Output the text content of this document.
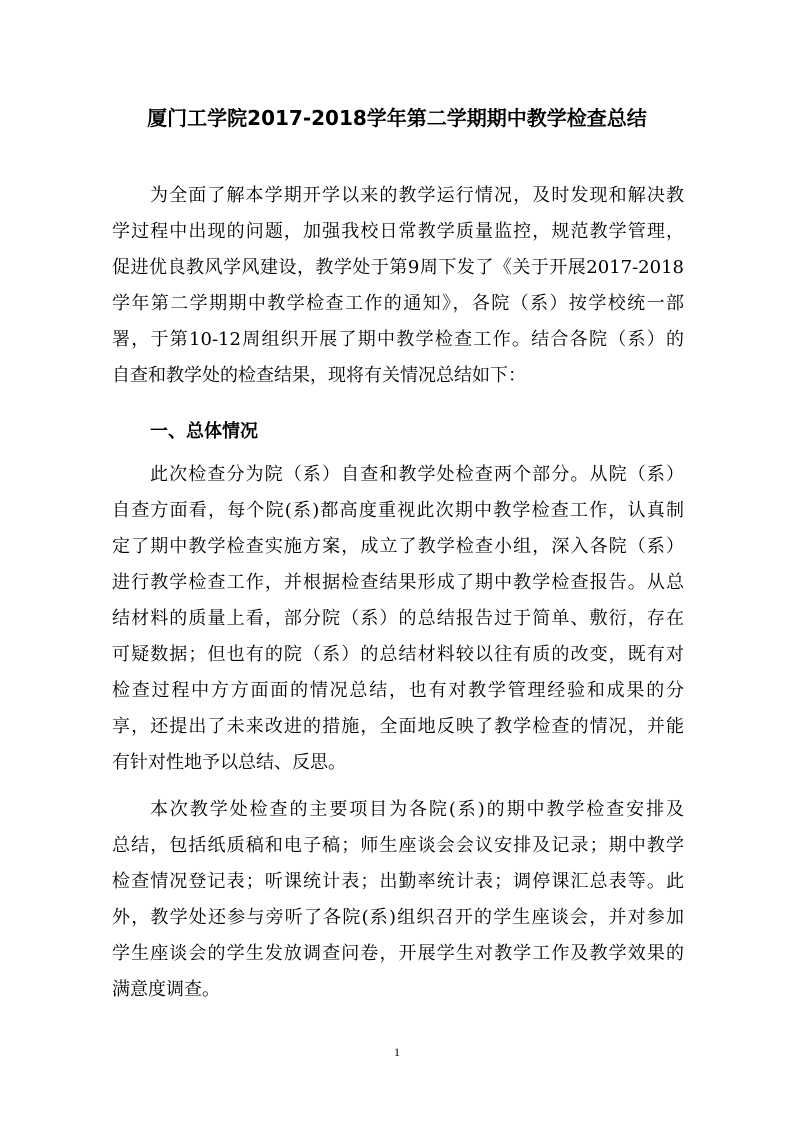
厦门工学院2017-2018学年第二学期期中教学检查总结
为全面了解本学期开学以来的教学运行情况，及时发现和解决教
学过程中出现的问题，加强我校日常教学质量监控，规范教学管理，
促进优良教风学风建设，教学处于第9周下发了《关于开展2017-2018
学年第二学期期中教学检查工作的通知》，各院（系）按学校统一部
署，于第10-12周组织开展了期中教学检查工作。结合各院（系）的
自查和教学处的检查结果，现将有关情况总结如下：
一、总体情况
此次检查分为院（系）自查和教学处检查两个部分。从院（系）
自查方面看，每个院(系)都高度重视此次期中教学检查工作，认真制
定了期中教学检查实施方案，成立了教学检查小组，深入各院（系）
进行教学检查工作，并根据检查结果形成了期中教学检查报告。从总
结材料的质量上看，部分院（系）的总结报告过于简单、敷衍，存在
可疑数据；但也有的院（系）的总结材料较以往有质的改变，既有对
检查过程中方方面面的情况总结，也有对教学管理经验和成果的分
享，还提出了未来改进的措施，全面地反映了教学检查的情况，并能
有针对性地予以总结、反思。
本次教学处检查的主要项目为各院(系)的期中教学检查安排及
总结，包括纸质稿和电子稿；师生座谈会会议安排及记录；期中教学
检查情况登记表；听课统计表；出勤率统计表；调停课汇总表等。此
外，教学处还参与旁听了各院(系)组织召开的学生座谈会，并对参加
学生座谈会的学生发放调查问卷，开展学生对教学工作及教学效果的
满意度调查。
1
